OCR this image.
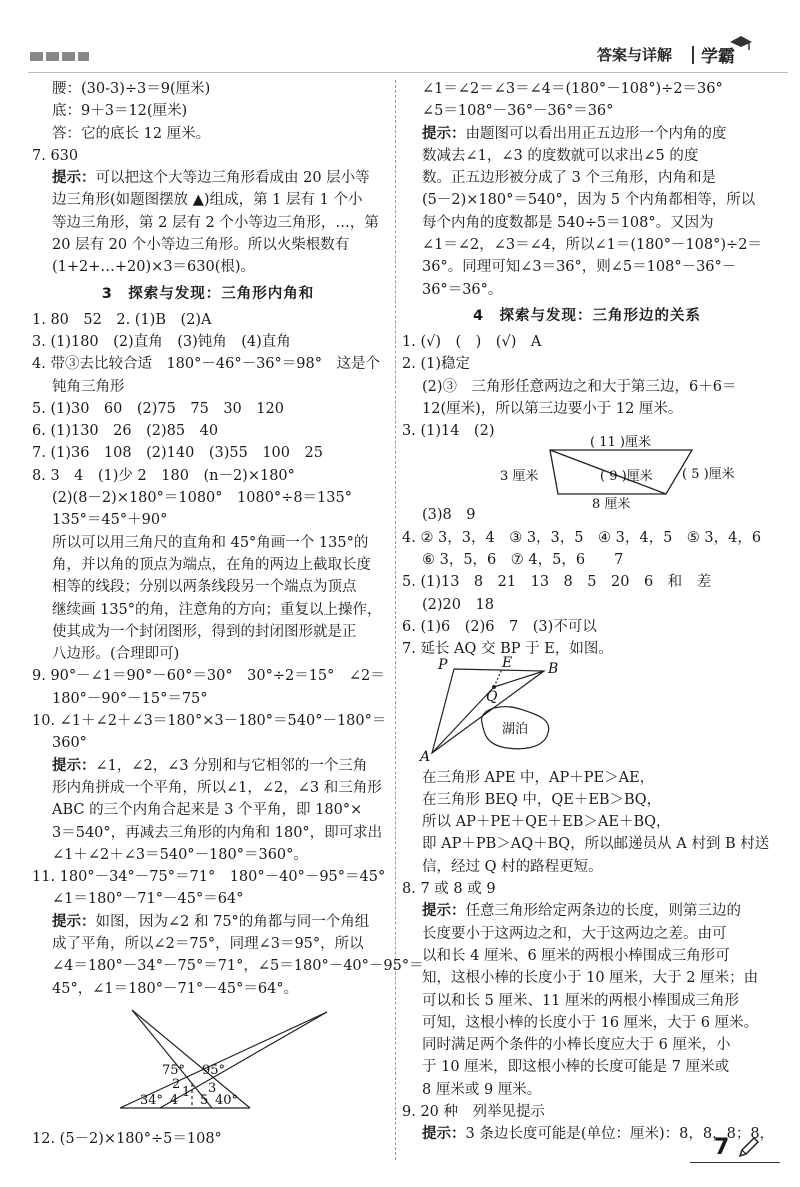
答案与详解 学霸
腰：(30-3)÷3＝9(厘米)
底：9＋3＝12(厘米)
答：它的底长 12 厘米。
7. 630
提示：可以把这个大等边三角形看成由 20 层小等
边三角形(如题图摆放 ▲)组成，第 1 层有 1 个小
等边三角形，第 2 层有 2 个小等边三角形，…，第
20 层有 20 个小等边三角形。所以火柴根数有
(1+2+…+20)×3＝630(根)。
3　探索与发现：三角形内角和
1. 80　52　2. (1)B　(2)A
3. (1)180　(2)直角　(3)钝角　(4)直角
4. 带③去比较合适　180°－46°－36°＝98°　这是个
钝角三角形
5. (1)30　60　(2)75　75　30　120
6. (1)130　26　(2)85　40
7. (1)36　108　(2)140　(3)55　100　25
8. 3　4　(1)少 2　180　(n－2)×180°
(2)(8－2)×180°＝1080°　1080°÷8＝135°
135°＝45°＋90°
所以可以用三角尺的直角和 45°角画一个 135°的
角，并以角的顶点为端点，在角的两边上截取长度
相等的线段；分别以两条线段另一个端点为顶点
继续画 135°的角，注意角的方向；重复以上操作，
使其成为一个封闭图形，得到的封闭图形就是正
八边形。(合理即可)
9. 90°－∠1＝90°－60°＝30°　30°÷2＝15°　∠2＝
180°－90°－15°＝75°
10. ∠1＋∠2＋∠3＝180°×3－180°＝540°－180°＝
360°
提示：∠1，∠2，∠3 分别和与它相邻的一个三角
形内角拼成一个平角，所以∠1，∠2，∠3 和三角形
ABC 的三个内角合起来是 3 个平角，即 180°×
3＝540°，再减去三角形的内角和 180°，即可求出
∠1＋∠2＋∠3＝540°－180°＝360°。
11. 180°－34°－75°＝71°　180°－40°－95°＝45°
∠1＝180°－71°－45°＝64°
提示：如图，因为∠2 和 75°的角都与同一个角组
成了平角，所以∠2＝75°，同理∠3＝95°，所以
∠4＝180°－34°－75°＝71°，∠5＝180°－40°－95°＝
45°，∠1＝180°－71°－45°＝64°。
75° 95°
34°	40°
1
2 3
4 5
12. (5－2)×180°÷5＝108°
∠1＝∠2＝∠3＝∠4＝(180°－108°)÷2＝36°
∠5＝108°－36°－36°＝36°
提示：由题图可以看出用正五边形一个内角的度
数减去∠1，∠3 的度数就可以求出∠5 的度
数。正五边形被分成了 3 个三角形，内角和是
(5－2)×180°＝540°，因为 5 个内角都相等，所以
每个内角的度数都是 540÷5＝108°。又因为
∠1＝∠2，∠3＝∠4，所以∠1＝(180°－108°)÷2＝
36°。同理可知∠3＝36°，则∠5＝108°－36°－
36°＝36°。
4　探索与发现：三角形边的关系
1. (√)　(　)　(√)　A
2. (1)稳定
(2)③　三角形任意两边之和大于第三边，6＋6＝
12(厘米)，所以第三边要小于 12 厘米。
3. (1)14　(2)
( 11 )厘米
( 9 )厘米 ( 5 )厘米
3 厘米
8 厘米
(3)8　9
4. ② 3，3，4　③ 3，3，5　④ 3，4，5　⑤ 3，4，6
⑥ 3，5，6　⑦ 4，5，6　　7
5. (1)13　8　21　13　8　5　20　6　和　差
(2)20　18
6. (1)6　(2)6　7　(3)不可以
7. 延长 AQ 交 BP 于 E，如图。
P	E	B
Q
A
湖泊
在三角形 APE 中，AP＋PE＞AE，
在三角形 BEQ 中，QE＋EB＞BQ，
所以 AP＋PE＋QE＋EB＞AE＋BQ，
即 AP＋PB＞AQ＋BQ，所以邮递员从 A 村到 B 村送
信，经过 Q 村的路程更短。
8. 7 或 8 或 9
提示：任意三角形给定两条边的长度，则第三边的
长度要小于这两边之和，大于这两边之差。由可
以和长 4 厘米、6 厘米的两根小棒围成三角形可
知，这根小棒的长度小于 10 厘米，大于 2 厘米；由
可以和长 5 厘米、11 厘米的两根小棒围成三角形
可知，这根小棒的长度小于 16 厘米，大于 6 厘米。
同时满足两个条件的小棒长度应大于 6 厘米，小
于 10 厘米，即这根小棒的长度可能是 7 厘米或
8 厘米或 9 厘米。
9. 20 种　列举见提示
提示：3 条边长度可能是(单位：厘米)：8，8，8；8，
7
